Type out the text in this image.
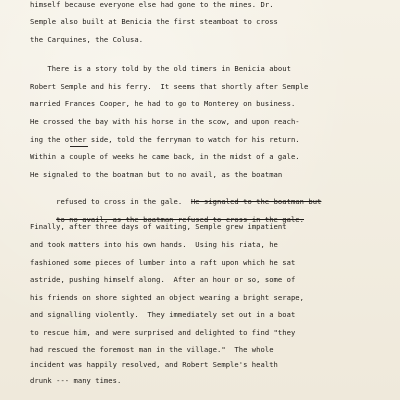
himself because everyone else had gone to the mines. Dr.
Semple also built at Benicia the first steamboat to cross
the Carquines, the Colusa.
There is a story told by the old timers in Benicia about
Robert Semple and his ferry.  It seems that shortly after Semple
married Frances Cooper, he had to go to Monterey on business.
He crossed the bay with his horse in the scow, and upon reach-
ing the other side, told the ferryman to watch for his return.
Within a couple of weeks he came back, in the midst of a gale.
He signaled to the boatman but to no avail, as the boatman

refused to cross in the gale.  He signaled to the boatman but

to no avail, as the boatman refused to cross in the gale.

Finally, after three days of waiting, Semple grew impatient
and took matters into his own hands.  Using his riata, he
fashioned some pieces of lumber into a raft upon which he sat
astride, pushing himself along.  After an hour or so, some of
his friends on shore sighted an object wearing a bright serape,
and signalling violently.  They immediately set out in a boat
to rescue him, and were surprised and delighted to find "they
had rescued the foremost man in the village."  The whole
incident was happily resolved, and Robert Semple's health
drunk --- many times.
